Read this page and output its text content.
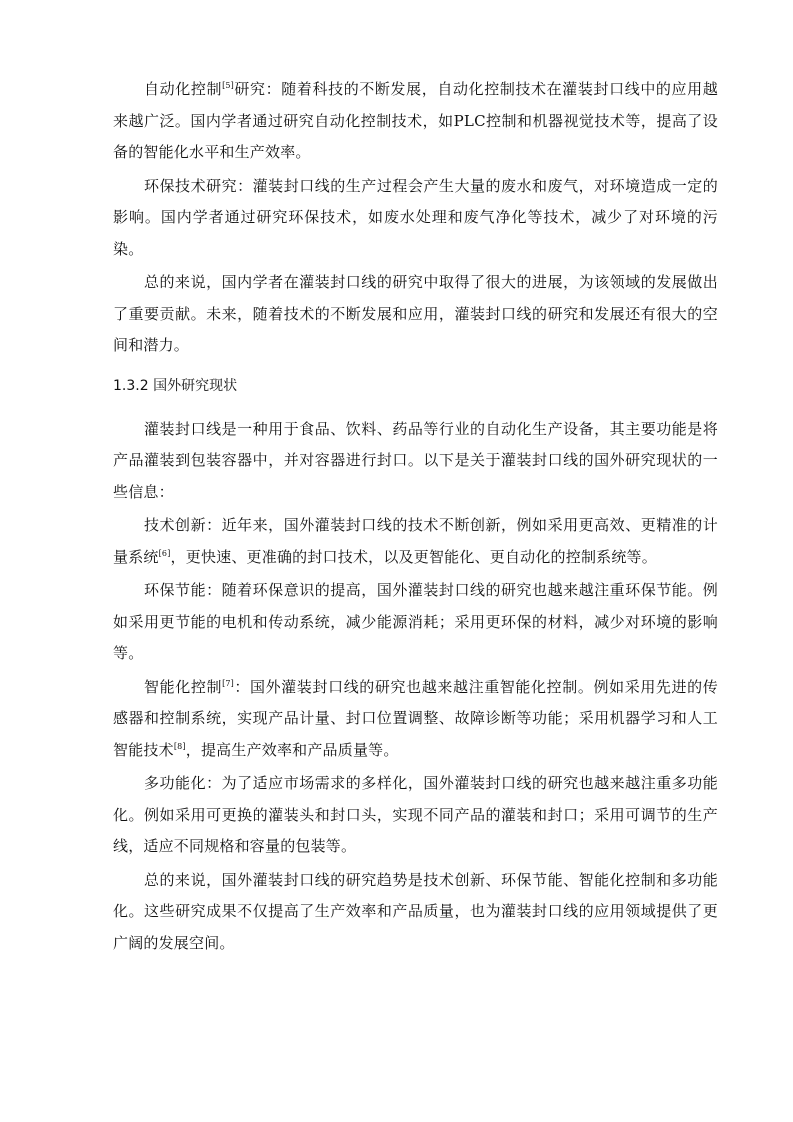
自动化控制[5]研究：随着科技的不断发展，自动化控制技术在灌装封口线中的应用越来越广泛。国内学者通过研究自动化控制技术，如PLC控制和机器视觉技术等，提高了设备的智能化水平和生产效率。

环保技术研究：灌装封口线的生产过程会产生大量的废水和废气，对环境造成一定的影响。国内学者通过研究环保技术，如废水处理和废气净化等技术，减少了对环境的污染。

总的来说，国内学者在灌装封口线的研究中取得了很大的进展，为该领域的发展做出了重要贡献。未来，随着技术的不断发展和应用，灌装封口线的研究和发展还有很大的空间和潜力。

1.3.2 国外研究现状

灌装封口线是一种用于食品、饮料、药品等行业的自动化生产设备，其主要功能是将产品灌装到包装容器中，并对容器进行封口。以下是关于灌装封口线的国外研究现状的一些信息：

技术创新：近年来，国外灌装封口线的技术不断创新，例如采用更高效、更精准的计量系统[6]，更快速、更准确的封口技术，以及更智能化、更自动化的控制系统等。

环保节能：随着环保意识的提高，国外灌装封口线的研究也越来越注重环保节能。例如采用更节能的电机和传动系统，减少能源消耗；采用更环保的材料，减少对环境的影响等。

智能化控制[7]：国外灌装封口线的研究也越来越注重智能化控制。例如采用先进的传感器和控制系统，实现产品计量、封口位置调整、故障诊断等功能；采用机器学习和人工智能技术[8]，提高生产效率和产品质量等。

多功能化：为了适应市场需求的多样化，国外灌装封口线的研究也越来越注重多功能化。例如采用可更换的灌装头和封口头，实现不同产品的灌装和封口；采用可调节的生产线，适应不同规格和容量的包装等。

总的来说，国外灌装封口线的研究趋势是技术创新、环保节能、智能化控制和多功能化。这些研究成果不仅提高了生产效率和产品质量，也为灌装封口线的应用领域提供了更广阔的发展空间。
